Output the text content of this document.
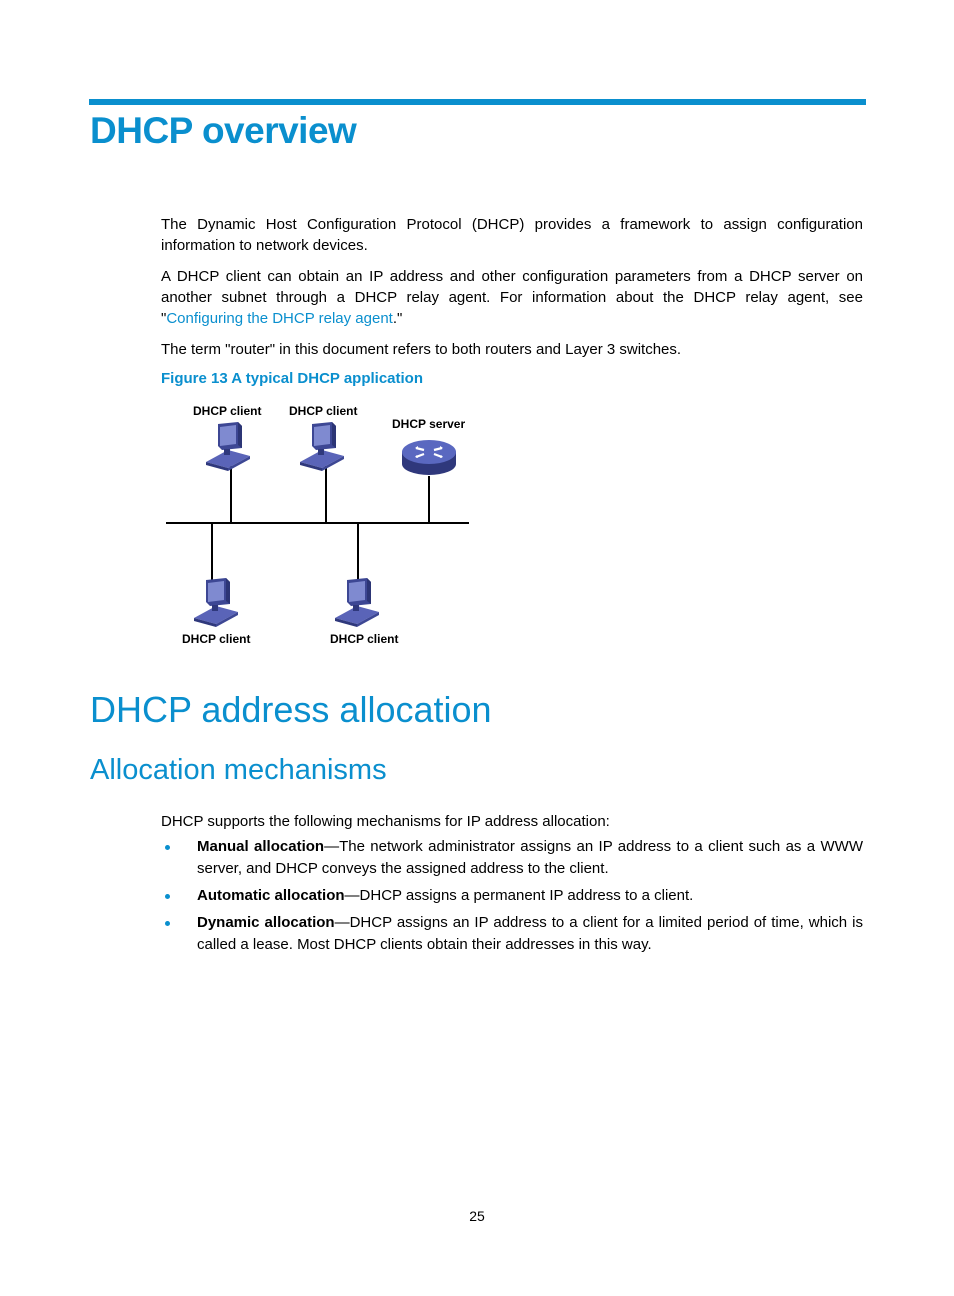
DHCP overview

The Dynamic Host Configuration Protocol (DHCP) provides a framework to assign configuration information to network devices.

A DHCP client can obtain an IP address and other configuration parameters from a DHCP server on another subnet through a DHCP relay agent. For information about the DHCP relay agent, see "Configuring the DHCP relay agent."

The term "router" in this document refers to both routers and Layer 3 switches.

Figure 13 A typical DHCP application

DHCP client DHCP client
DHCP server
DHCP client	DHCP client
DHCP address allocation
Allocation mechanisms

DHCP supports the following mechanisms for IP address allocation:

Manual allocation—The network administrator assigns an IP address to a client such as a WWW server, and DHCP conveys the assigned address to the client.
Automatic allocation—DHCP assigns a permanent IP address to a client.
Dynamic allocation—DHCP assigns an IP address to a client for a limited period of time, which is called a lease. Most DHCP clients obtain their addresses in this way.
25
